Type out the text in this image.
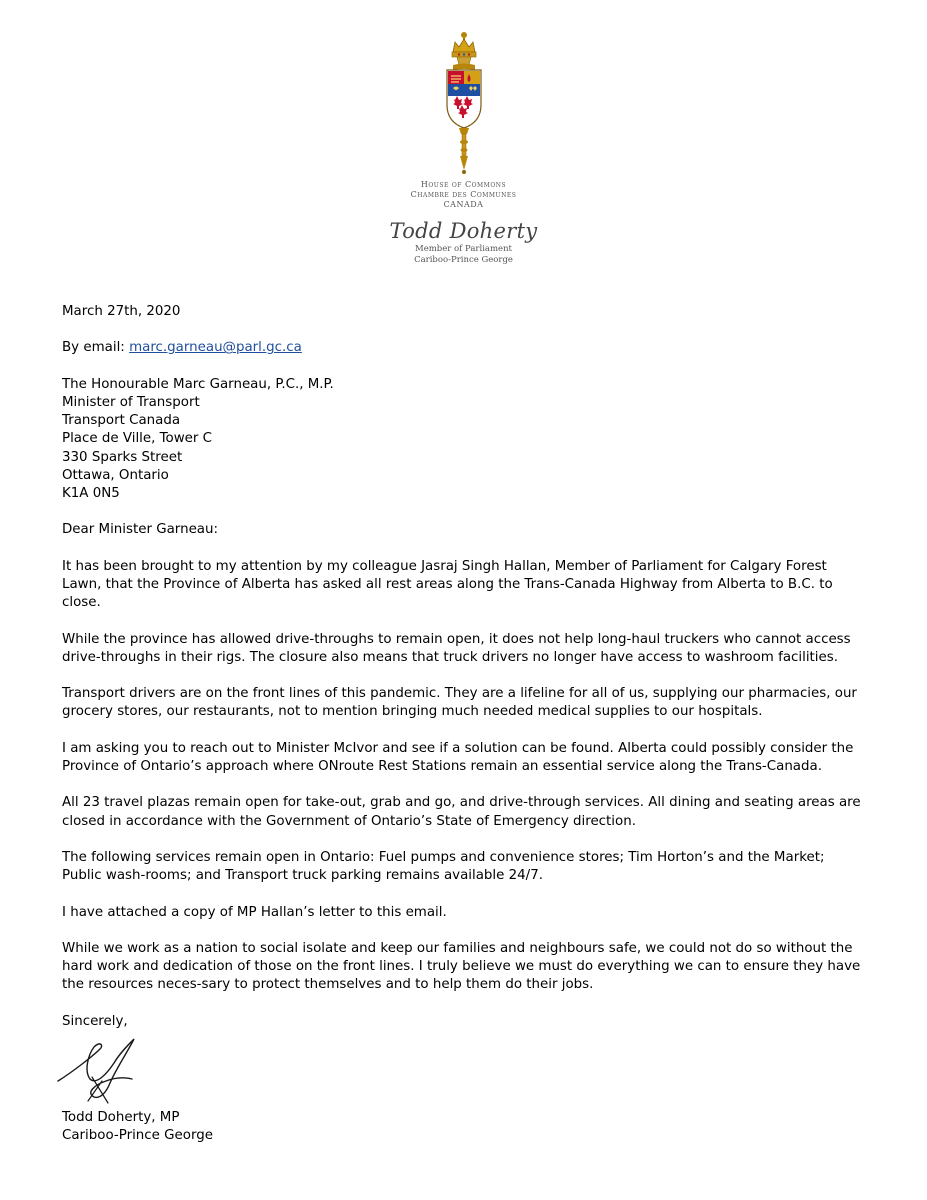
House of Commons
Chambre des Communes
CANADA
Todd Doherty
Member of Parliament
Cariboo-Prince George

March 27th, 2020

By email: marc.garneau@parl.gc.ca

The Honourable Marc Garneau, P.C., M.P.

Minister of Transport

Transport Canada

Place de Ville, Tower C

330 Sparks Street

Ottawa, Ontario

K1A 0N5

Dear Minister Garneau:

It has been brought to my attention by my colleague Jasraj Singh Hallan, Member of Parliament for Calgary Forest Lawn, that the Province of Alberta has asked all rest areas along the Trans-Canada Highway from Alberta to B.C. to close.

While the province has allowed drive-throughs to remain open, it does not help long-haul truckers who cannot access drive-throughs in their rigs. The closure also means that truck drivers no longer have access to washroom facilities.

Transport drivers are on the front lines of this pandemic. They are a lifeline for all of us, supplying our pharmacies, our grocery stores, our restaurants, not to mention bringing much needed medical supplies to our hospitals.

I am asking you to reach out to Minister McIvor and see if a solution can be found. Alberta could possibly consider the Province of Ontario’s approach where ONroute Rest Stations remain an essential service along the Trans-Canada.

All 23 travel plazas remain open for take-out, grab and go, and drive-through services. All dining and seating areas are closed in accordance with the Government of Ontario’s State of Emergency direction.

The following services remain open in Ontario: Fuel pumps and convenience stores; Tim Horton’s and the Market; Public wash-rooms; and Transport truck parking remains available 24/7.

I have attached a copy of MP Hallan’s letter to this email.

While we work as a nation to social isolate and keep our families and neighbours safe, we could not do so without the hard work and dedication of those on the front lines. I truly believe we must do everything we can to ensure they have the resources neces-sary to protect themselves and to help them do their jobs.

Sincerely,

Todd Doherty, MP

Cariboo-Prince George
